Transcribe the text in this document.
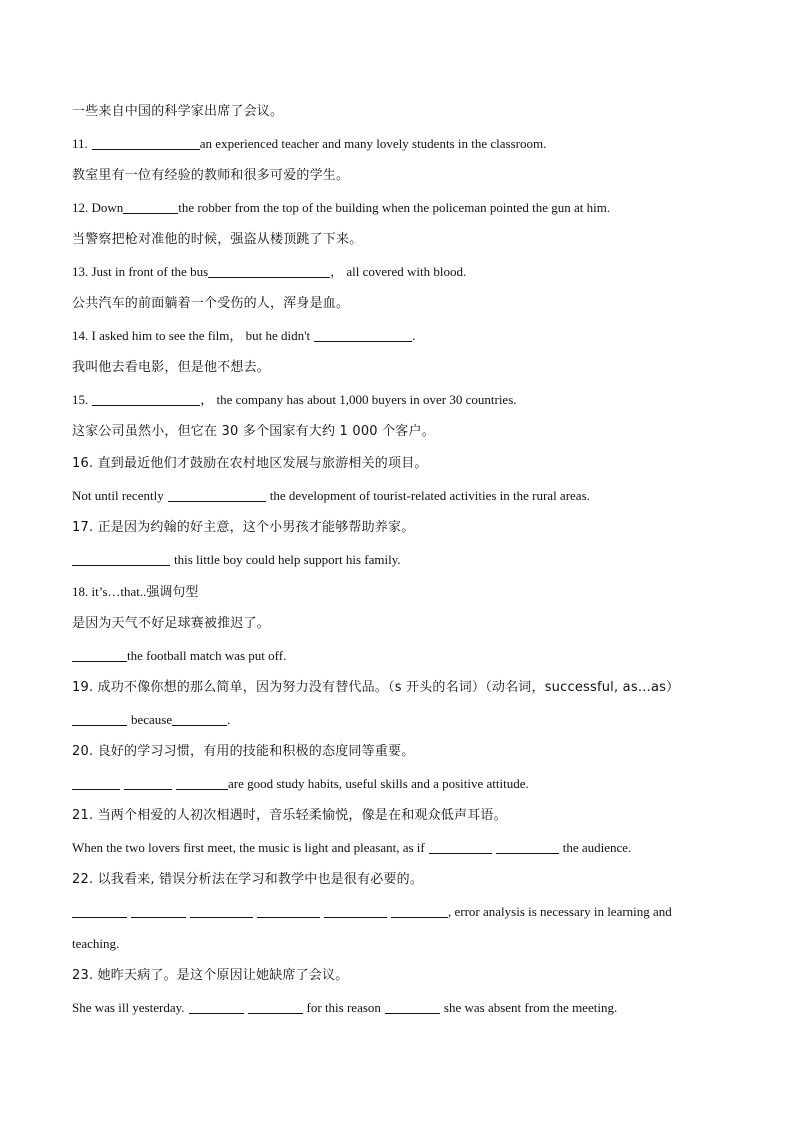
一些来自中国的科学家出席了会议。
11.	an experienced teacher and many lovely students in the classroom.
教室里有一位有经验的教师和很多可爱的学生。
12. Down	the robber from the top of the building when the policeman pointed the gun at him.
当警察把枪对准他的时候，强盗从楼顶跳了下来。
13. Just in front of the bus	， all covered with blood.
公共汽车的前面躺着一个受伤的人，浑身是血。
14. I asked him to see the film， but he didn't	.
我叫他去看电影，但是他不想去。
15.	， the company has about 1,000 buyers in over 30 countries.
这家公司虽然小，但它在 30 多个国家有大约 1 000 个客户。
16. 直到最近他们才鼓励在农村地区发展与旅游相关的项目。
Not until recently	the development of tourist-related activities in the rural areas.
17. 正是因为约翰的好主意，这个小男孩才能够帮助养家。
this little boy could help support his family.
18. it’s…that..强调句型
是因为天气不好足球赛被推迟了。
the football match was put off.
19. 成功不像你想的那么简单，因为努力没有替代品。（s 开头的名词）（动名词，successful, as…as）
because	.
20. 良好的学习习惯，有用的技能和积极的态度同等重要。
are good study habits, useful skills and a positive attitude.
21. 当两个相爱的人初次相遇时，音乐轻柔愉悦，像是在和观众低声耳语。
When the two lovers first meet, the music is light and pleasant, as if	the audience.
22. 以我看来, 错误分析法在学习和教学中也是很有必要的。
, error analysis is necessary in learning and
teaching.
23. 她昨天病了。是这个原因让她缺席了会议。
She was ill yesterday.	for this reason	she was absent from the meeting.
